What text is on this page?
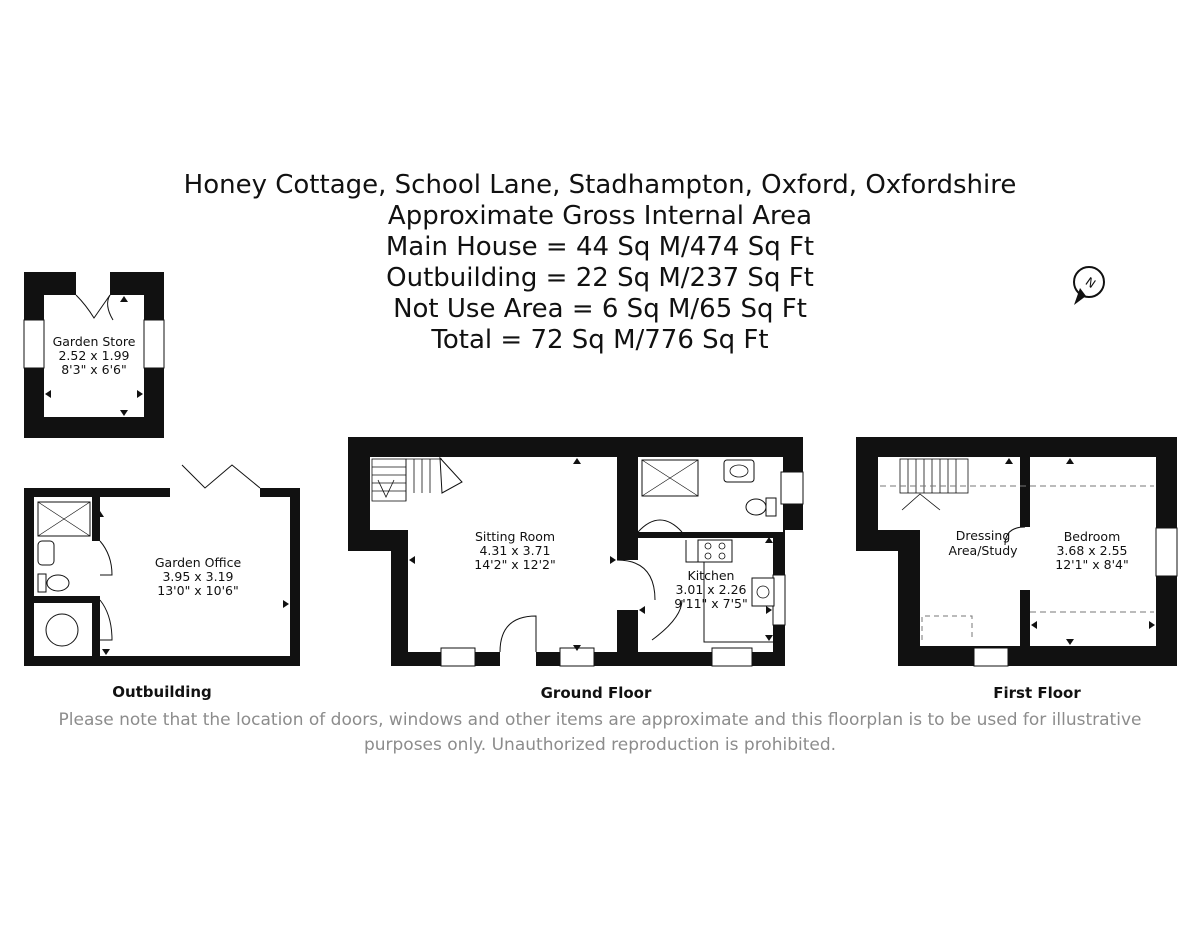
Honey Cottage, School Lane, Stadhampton, Oxford, Oxfordshire
Approximate Gross Internal Area
Main House = 44 Sq M/474 Sq Ft
Outbuilding = 22 Sq M/237 Sq Ft
Not Use Area = 6 Sq M/65 Sq Ft
Total = 72 Sq M/776 Sq Ft
N
Garden Store
2.52 x 1.99
8'3" x 6'6"
Garden Office
3.95 x 3.19
13'0" x 10'6"
Sitting Room
4.31 x 3.71
14'2" x 12'2"
Kitchen
3.01 x 2.26
9'11" x 7'5"
Dressing
Area/Study
Bedroom
3.68 x 2.55
12'1" x 8'4"
Outbuilding	Ground Floor	First Floor
Please note that the location of doors, windows and other items are approximate and this floorplan is to be used for illustrative purposes only. Unauthorized reproduction is prohibited.
